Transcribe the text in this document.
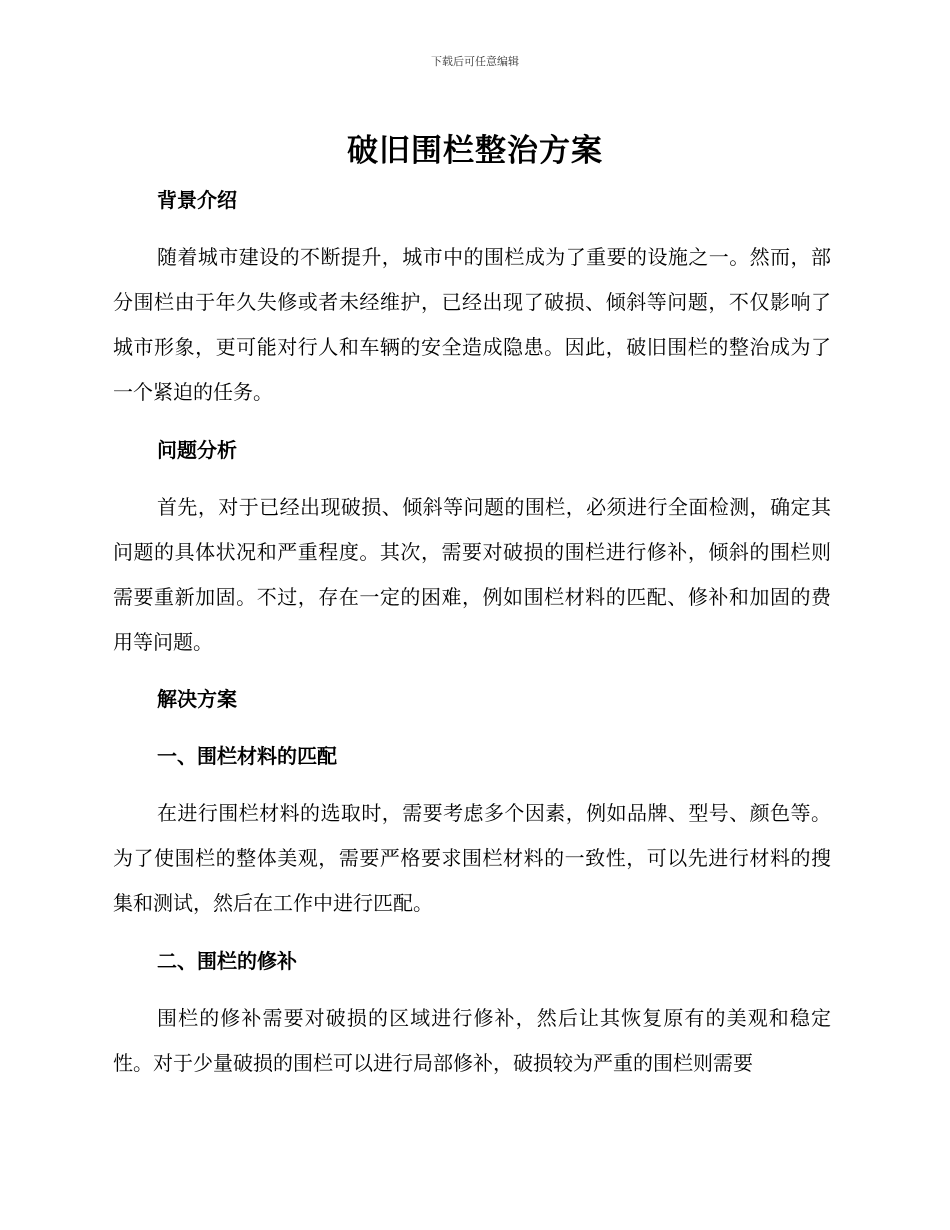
下载后可任意编辑
破旧围栏整治方案
背景介绍
随着城市建设的不断提升，城市中的围栏成为了重要的设施之一。然而，部分围栏由于年久失修或者未经维护，已经出现了破损、倾斜等问题，不仅影响了城市形象，更可能对行人和车辆的安全造成隐患。因此，破旧围栏的整治成为了一个紧迫的任务。
问题分析
首先，对于已经出现破损、倾斜等问题的围栏，必须进行全面检测，确定其问题的具体状况和严重程度。其次，需要对破损的围栏进行修补，倾斜的围栏则需要重新加固。不过，存在一定的困难，例如围栏材料的匹配、修补和加固的费用等问题。
解决方案
一、围栏材料的匹配
在进行围栏材料的选取时，需要考虑多个因素，例如品牌、型号、颜色等。为了使围栏的整体美观，需要严格要求围栏材料的一致性，可以先进行材料的搜集和测试，然后在工作中进行匹配。
二、围栏的修补
围栏的修补需要对破损的区域进行修补，然后让其恢复原有的美观和稳定性。对于少量破损的围栏可以进行局部修补，破损较为严重的围栏则需要
